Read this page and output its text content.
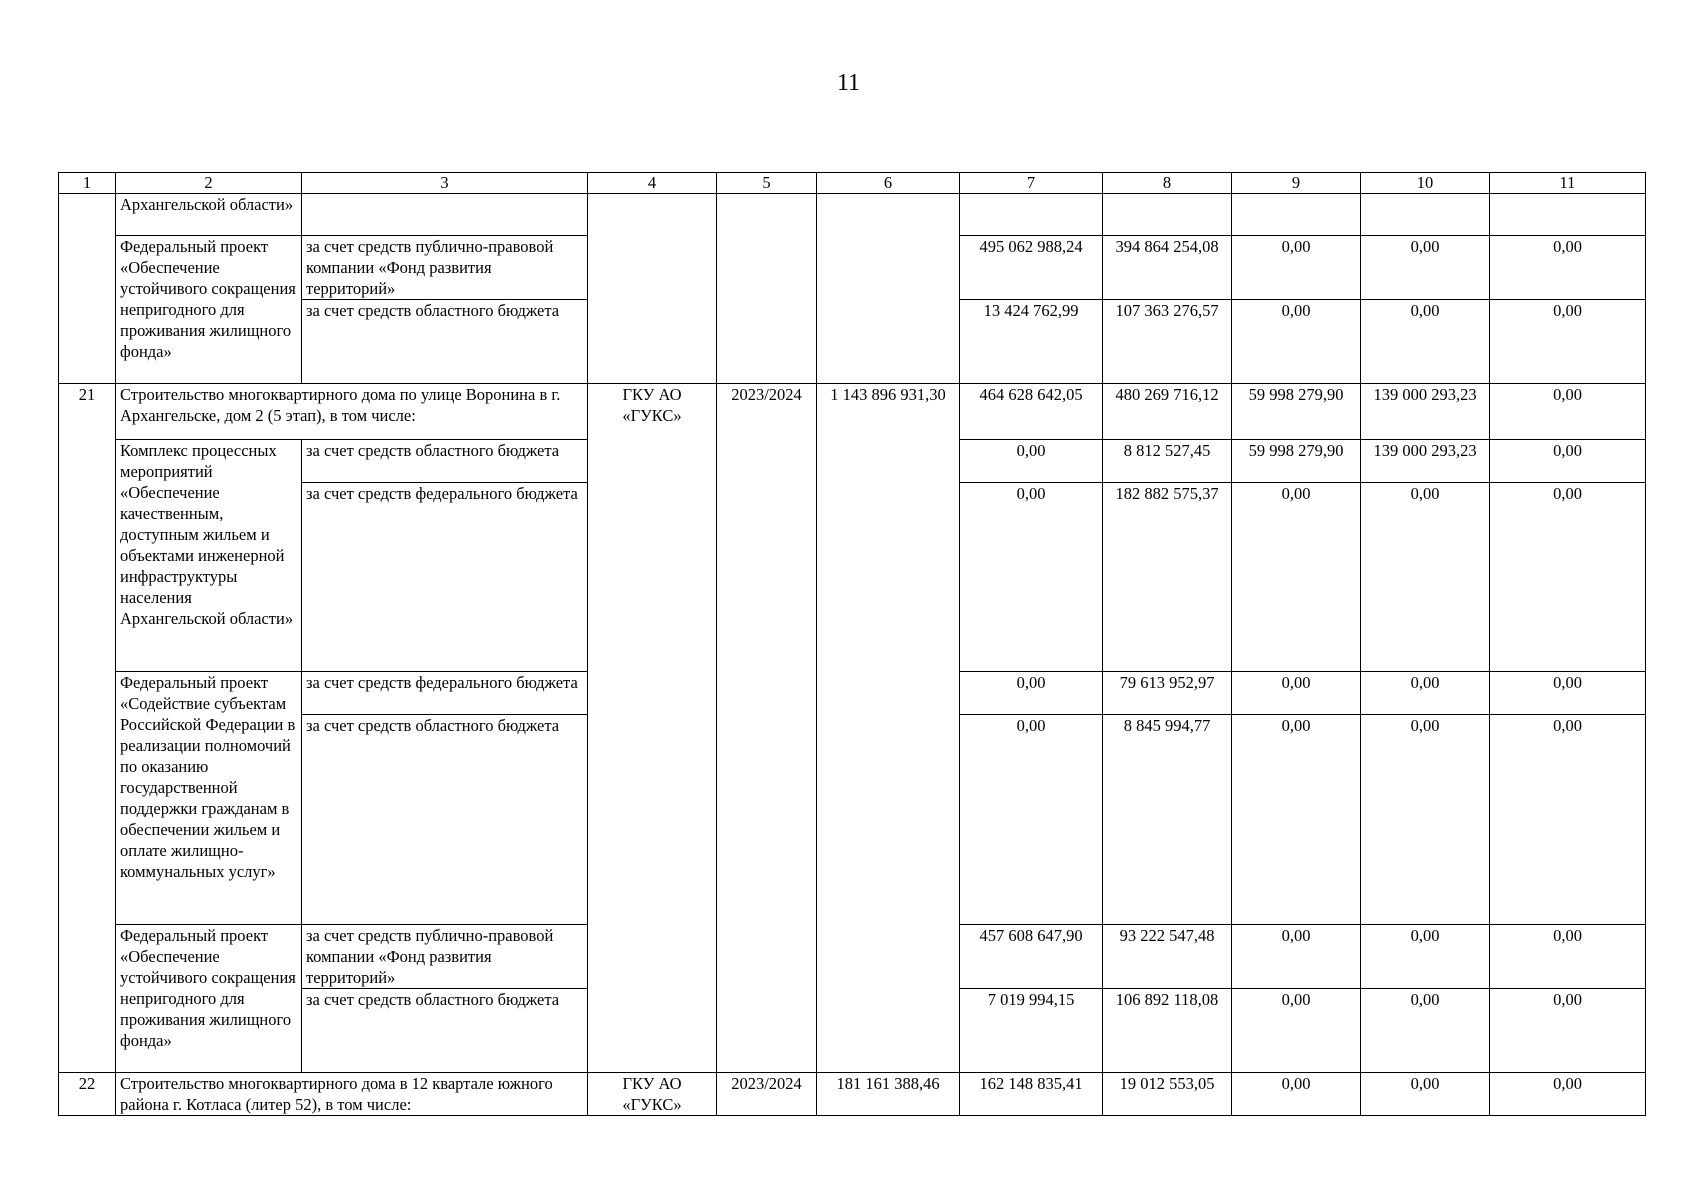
11
1	2	3	4	5	6	7	8	9	10	11
	Архангельской области»									
	Федеральный проект «Обеспечение устойчивого сокращения непригодного для проживания жилищного фонда»	за счет средств публично-правовой компании «Фонд развития территорий»				495 062 988,24	394 864 254,08	0,00	0,00	0,00
		за счет средств областного бюджета				13 424 762,99	107 363 276,57	0,00	0,00	0,00
21	Строительство многоквартирного дома по улице Воронина в г. Архангельске, дом 2 (5 этап), в том числе:		ГКУ АО «ГУКС»	2023/2024	1 143 896 931,30	464 628 642,05	480 269 716,12	59 998 279,90	139 000 293,23	0,00
	Комплекс процессных мероприятий «Обеспечение качественным, доступным жильем и объектами инженерной инфраструктуры населения Архангельской области»	за счет средств областного бюджета				0,00	8 812 527,45	59 998 279,90	139 000 293,23	0,00
		за счет средств федерального бюджета				0,00	182 882 575,37	0,00	0,00	0,00
	Федеральный проект «Содействие субъектам Российской Федерации в реализации полномочий по оказанию государственной поддержки гражданам в обеспечении жильем и оплате жилищно-коммунальных услуг»	за счет средств федерального бюджета				0,00	79 613 952,97	0,00	0,00	0,00
		за счет средств областного бюджета				0,00	8 845 994,77	0,00	0,00	0,00
	Федеральный проект «Обеспечение устойчивого сокращения непригодного для проживания жилищного фонда»	за счет средств публично-правовой компании «Фонд развития территорий»				457 608 647,90	93 222 547,48	0,00	0,00	0,00
		за счет средств областного бюджета				7 019 994,15	106 892 118,08	0,00	0,00	0,00
22	Строительство многоквартирного дома в 12 квартале южного района г. Котласа (литер 52), в том числе:		ГКУ АО «ГУКС»	2023/2024	181 161 388,46	162 148 835,41	19 012 553,05	0,00	0,00	0,00
